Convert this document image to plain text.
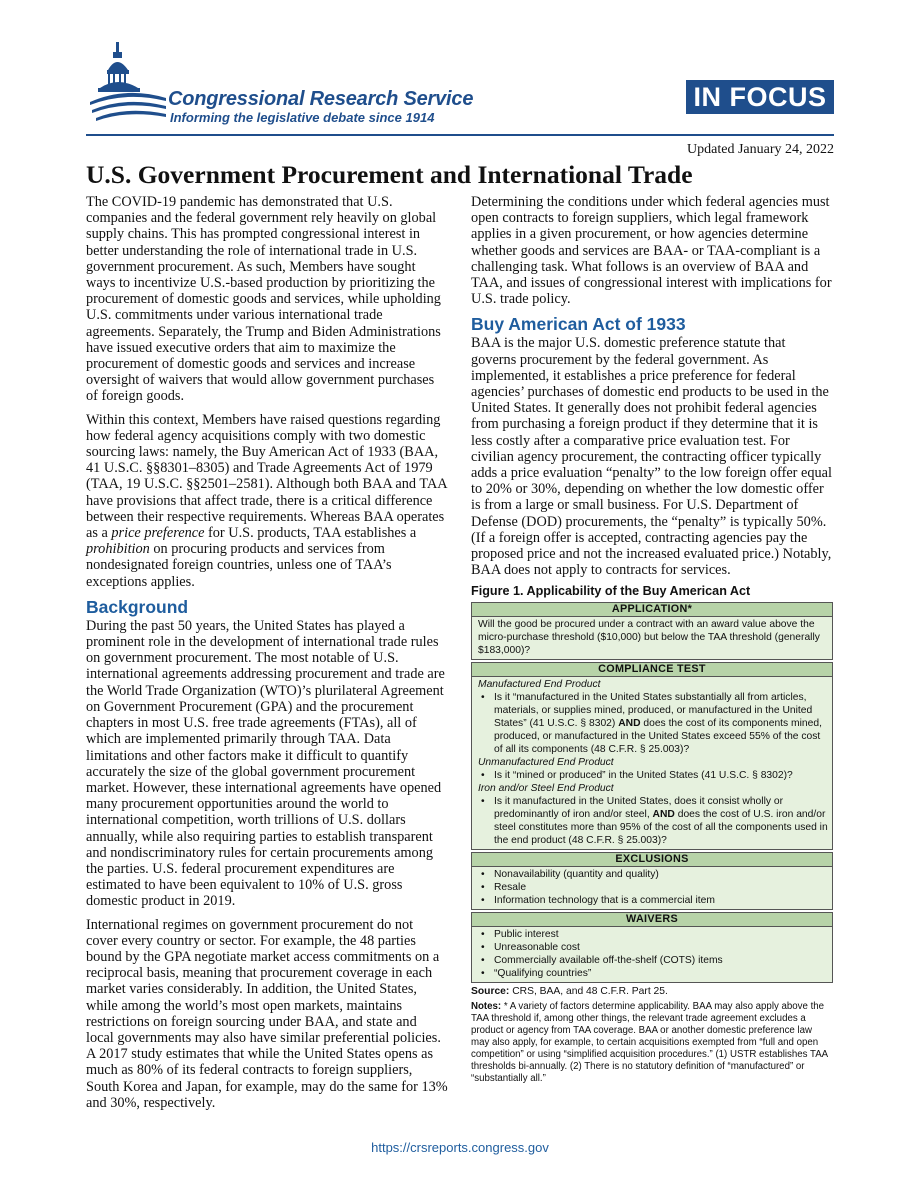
Congressional Research Service
Informing the legislative debate since 1914
IN FOCUS
Updated January 24, 2022
U.S. Government Procurement and International Trade

The COVID-19 pandemic has demonstrated that U.S. companies and the federal government rely heavily on global supply chains. This has prompted congressional interest in better understanding the role of international trade in U.S. government procurement. As such, Members have sought ways to incentivize U.S.-based production by prioritizing the procurement of domestic goods and services, while upholding U.S. commitments under various international trade agreements. Separately, the Trump and Biden Administrations have issued executive orders that aim to maximize the procurement of domestic goods and services and increase oversight of waivers that would allow government purchases of foreign goods.

Within this context, Members have raised questions regarding how federal agency acquisitions comply with two domestic sourcing laws: namely, the Buy American Act of 1933 (BAA, 41 U.S.C. §§8301–8305) and Trade Agreements Act of 1979 (TAA, 19 U.S.C. §§2501–2581). Although both BAA and TAA have provisions that affect trade, there is a critical difference between their respective requirements. Whereas BAA operates as a price preference for U.S. products, TAA establishes a prohibition on procuring products and services from nondesignated foreign countries, unless one of TAA’s exceptions applies.

Background

During the past 50 years, the United States has played a prominent role in the development of international trade rules on government procurement. The most notable of U.S. international agreements addressing procurement and trade are the World Trade Organization (WTO)’s plurilateral Agreement on Government Procurement (GPA) and the procurement chapters in most U.S. free trade agreements (FTAs), all of which are implemented primarily through TAA. Data limitations and other factors make it difficult to quantify accurately the size of the global government procurement market. However, these international agreements have opened many procurement opportunities around the world to international competition, worth trillions of U.S. dollars annually, while also requiring parties to establish transparent and nondiscriminatory rules for certain procurements among the parties. U.S. federal procurement expenditures are estimated to have been equivalent to 10% of U.S. gross domestic product in 2019.

International regimes on government procurement do not cover every country or sector. For example, the 48 parties bound by the GPA negotiate market access commitments on a reciprocal basis, meaning that procurement coverage in each market varies considerably. In addition, the United States, while among the world’s most open markets, maintains restrictions on foreign sourcing under BAA, and state and local governments may also have similar preferential policies. A 2017 study estimates that while the United States opens as much as 80% of its federal contracts to foreign suppliers, South Korea and Japan, for example, may do the same for 13% and 30%, respectively.

Determining the conditions under which federal agencies must open contracts to foreign suppliers, which legal framework applies in a given procurement, or how agencies determine whether goods and services are BAA- or TAA-compliant is a challenging task. What follows is an overview of BAA and TAA, and issues of congressional interest with implications for U.S. trade policy.

Buy American Act of 1933

BAA is the major U.S. domestic preference statute that governs procurement by the federal government. As implemented, it establishes a price preference for federal agencies’ purchases of domestic end products to be used in the United States. It generally does not prohibit federal agencies from purchasing a foreign product if they determine that it is less costly after a comparative price evaluation test. For civilian agency procurement, the contracting officer typically adds a price evaluation “penalty” to the low foreign offer equal to 20% or 30%, depending on whether the low domestic offer is from a large or small business. For U.S. Department of Defense (DOD) procurements, the “penalty” is typically 50%. (If a foreign offer is accepted, contracting agencies pay the proposed price and not the increased evaluated price.) Notably, BAA does not apply to contracts for services.

Figure 1. Applicability of the Buy American Act
APPLICATION*
Will the good be procured under a contract with an award value above the micro-purchase threshold ($10,000) but below the TAA threshold (generally $183,000)?
COMPLIANCE TEST
Manufactured End Product
• Is it “manufactured in the United States substantially all from articles, materials, or supplies mined, produced, or manufactured in the United States” (41 U.S.C. § 8302) AND does the cost of its components mined, produced, or manufactured in the United States exceed 55% of the cost of all its components (48 C.F.R. § 25.003)?
Unmanufactured End Product
• Is it “mined or produced” in the United States (41 U.S.C. § 8302)?
Iron and/or Steel End Product
• Is it manufactured in the United States, does it consist wholly or predominantly of iron and/or steel, AND does the cost of U.S. iron and/or steel constitutes more than 95% of the cost of all the components used in the end product (48 C.F.R. § 25.003)?
EXCLUSIONS
• Nonavailability (quantity and quality)
• Resale
• Information technology that is a commercial item
WAIVERS
• Public interest
• Unreasonable cost
• Commercially available off-the-shelf (COTS) items
• “Qualifying countries”
Source: CRS, BAA, and 48 C.F.R. Part 25.
Notes: * A variety of factors determine applicability. BAA may also apply above the TAA threshold if, among other things, the relevant trade agreement excludes a product or agency from TAA coverage. BAA or another domestic preference law may also apply, for example, to certain acquisitions exempted from “full and open competition” or using “simplified acquisition procedures.” (1) USTR establishes TAA thresholds bi-annually. (2) There is no statutory definition of “manufactured” or “substantially all.”
https://crsreports.congress.gov
